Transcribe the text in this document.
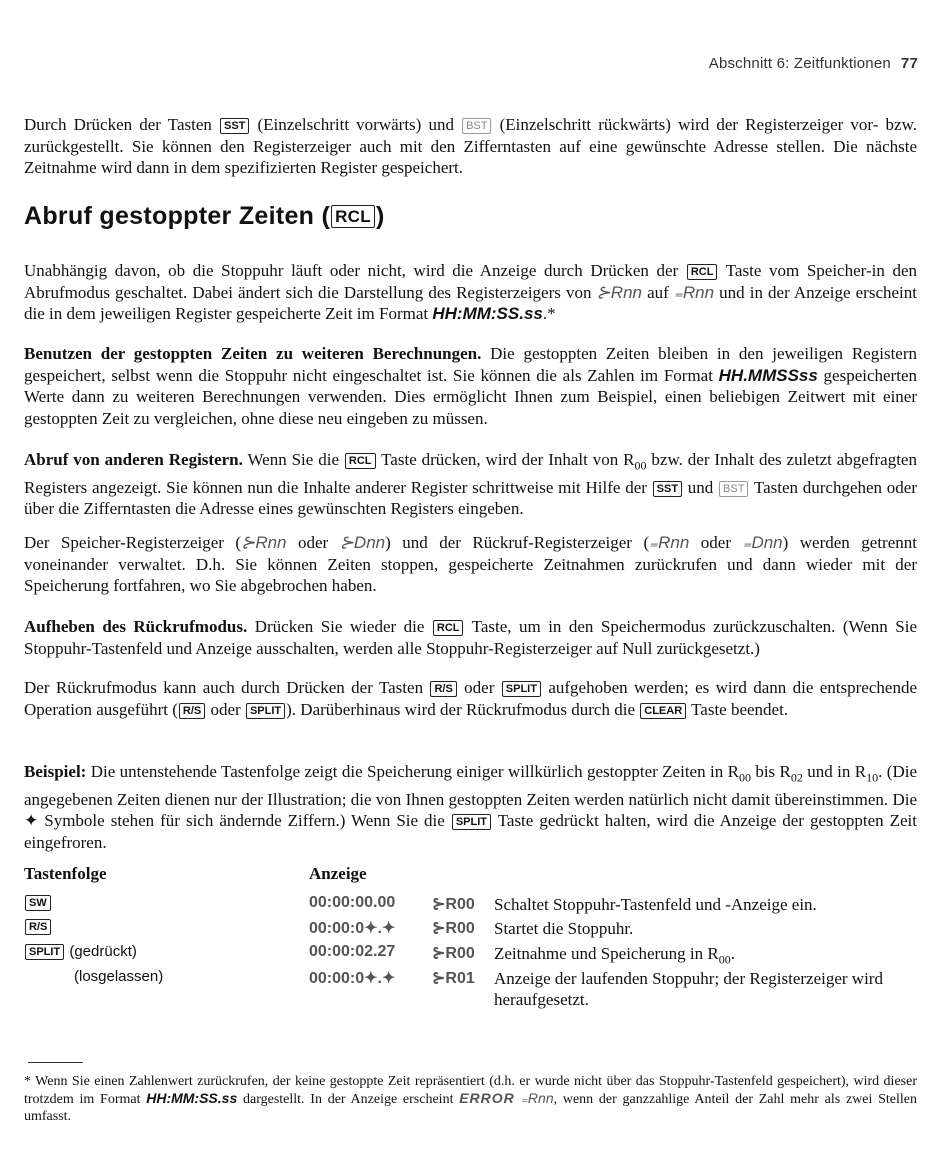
Abschnitt 6: Zeitfunktionen 77
Durch Drücken der Tasten SST (Einzelschritt vorwärts) und BST (Einzelschritt rückwärts) wird der Registerzeiger vor- bzw. zurückgestellt. Sie können den Registerzeiger auch mit den Zifferntasten auf eine gewünschte Adresse stellen. Die nächste Zeitnahme wird dann in dem spezifizierten Register gespeichert.
Abruf gestoppter Zeiten ( RCL )
Unabhängig davon, ob die Stoppuhr läuft oder nicht, wird die Anzeige durch Drücken der RCL Taste vom Speicher-in den Abrufmodus geschaltet. Dabei ändert sich die Darstellung des Registerzeigers von ⊱Rnn auf ₌Rnn und in der Anzeige erscheint die in dem jeweiligen Register gespeicherte Zeit im Format HH:MM:SS.ss.*
Benutzen der gestoppten Zeiten zu weiteren Berechnungen. Die gestoppten Zeiten bleiben in den jeweiligen Registern gespeichert, selbst wenn die Stoppuhr nicht eingeschaltet ist. Sie können die als Zahlen im Format HH.MMSSss gespeicherten Werte dann zu weiteren Berechnungen verwenden. Dies ermöglicht Ihnen zum Beispiel, einen beliebigen Zeitwert mit einer gestoppten Zeit zu vergleichen, ohne diese neu eingeben zu müssen.
Abruf von anderen Registern. Wenn Sie die RCL Taste drücken, wird der Inhalt von $R_{00}$ bzw. der Inhalt des zuletzt abgefragten Registers angezeigt. Sie können nun die Inhalte anderer Register schrittweise mit Hilfe der SST und BST Tasten durchgehen oder über die Zifferntasten die Adresse eines gewünschten Registers eingeben.
Der Speicher-Registerzeiger (⊱Rnn oder ⊱Dnn) und der Rückruf-Registerzeiger (₌Rnn oder ₌Dnn) werden getrennt voneinander verwaltet. D.h. Sie können Zeiten stoppen, gespeicherte Zeitnahmen zurückrufen und dann wieder mit der Speicherung fortfahren, wo Sie abgebrochen haben.
Aufheben des Rückrufmodus. Drücken Sie wieder die RCL Taste, um in den Speichermodus zurückzuschalten. (Wenn Sie Stoppuhr-Tastenfeld und Anzeige ausschalten, werden alle Stoppuhr-Registerzeiger auf Null zurückgesetzt.)
Der Rückrufmodus kann auch durch Drücken der Tasten R/S oder SPLIT aufgehoben werden; es wird dann die entsprechende Operation ausgeführt ( R/S oder SPLIT ). Darüberhinaus wird der Rückrufmodus durch die CLEAR Taste beendet.
Beispiel: Die untenstehende Tastenfolge zeigt die Speicherung einiger willkürlich gestoppter Zeiten in $R_{00}$ bis $R_{02}$ und in $R_{10}$. (Die angegebenen Zeiten dienen nur der Illustration; die von Ihnen gestoppten Zeiten werden natürlich nicht damit übereinstimmen. Die ✦ Symbole stehen für sich ändernde Ziffern.) Wenn Sie die SPLIT Taste gedrückt halten, wird die Anzeige der gestoppten Zeit eingefroren.
Tastenfolge	Anzeige
SW	00:00:00.00 ⊱R00 Schaltet Stoppuhr-Tastenfeld und -Anzeige ein.
R/S	00:00:0✦.✦ ⊱R00 Startet die Stoppuhr.
SPLIT (gedrückt)	00:00:02.27 ⊱R00 Zeitnahme und Speicherung in $R_{00}$.
(losgelassen)	00:00:0✦.✦ ⊱R01 Anzeige der laufenden Stoppuhr; der Registerzeiger wird heraufgesetzt.
* Wenn Sie einen Zahlenwert zurückrufen, der keine gestoppte Zeit repräsentiert (d.h. er wurde nicht über das Stoppuhr-Tastenfeld gespeichert), wird dieser trotzdem im Format HH:MM:SS.ss dargestellt. In der Anzeige erscheint ERROR ₌Rnn, wenn der ganzzahlige Anteil der Zahl mehr als zwei Stellen umfasst.
